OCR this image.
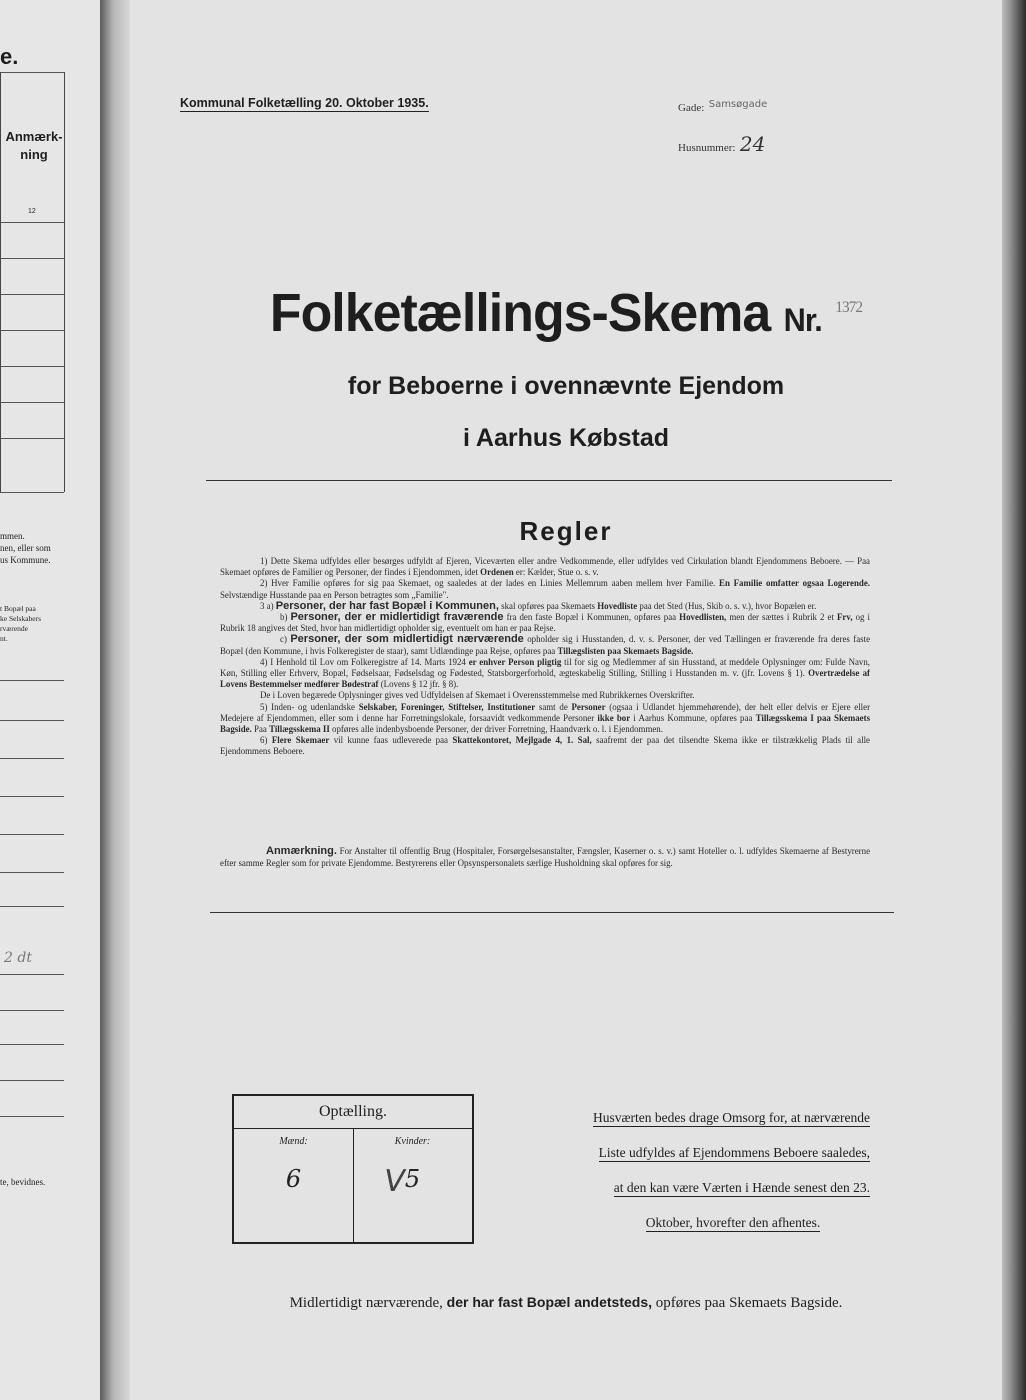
e.
Anmærk-
ning
12
mmen.
nen, eller som
us Kommune.
t Bopæl paa
ke Selskabers
rværende
nt.
2 dt
te, bevidnes.
Kommunal Folketælling 20. Oktober 1935.	Gade: $^{Samsøgade}$
Husnummer: 24
Folketællings-Skema Nr. $^{1372}$
for Beboerne i ovennævnte Ejendom
i Aarhus Købstad
Regler

1) Dette Skema udfyldes eller besørges udfyldt af Ejeren, Viceværten eller andre Vedkommende, eller udfyldes ved Cirkulation blandt Ejendommens Beboere. — Paa Skemaet opføres de Familier og Personer, der findes i Ejendommen, idet Ordenen er: Kælder, Stue o. s. v.

2) Hver Familie opføres for sig paa Skemaet, og saaledes at der lades en Linies Mellemrum aaben mellem hver Familie. En Familie omfatter ogsaa Logerende. Selvstændige Husstande paa en Person betragtes som „Familie".

3 a) Personer, der har fast Bopæl i Kommunen, skal opføres paa Skemaets Hovedliste paa det Sted (Hus, Skib o. s. v.), hvor Bopælen er.

b) Personer, der er midlertidigt fraværende fra den faste Bopæl i Kommunen, opføres paa Hovedlisten, men der sættes i Rubrik 2 et Frv, og i Rubrik 18 angives det Sted, hvor han midlertidigt opholder sig, eventuelt om han er paa Rejse.

c) Personer, der som midlertidigt nærværende opholder sig i Husstanden, d. v. s. Personer, der ved Tællingen er fraværende fra deres faste Bopæl (den Kommune, i hvis Folkeregister de staar), samt Udlændinge paa Rejse, opføres paa Tillægslisten paa Skemaets Bagside.

4) I Henhold til Lov om Folkeregistre af 14. Marts 1924 er enhver Person pligtig til for sig og Medlemmer af sin Husstand, at meddele Oplysninger om: Fulde Navn, Køn, Stilling eller Erhverv, Bopæl, Fødselsaar, Fødselsdag og Fødested, Statsborgerforhold, ægteskabelig Stilling, Stilling i Husstanden m. v. (jfr. Lovens § 1). Overtrædelse af Lovens Bestemmelser medfører Bødestraf (Lovens § 12 jfr. § 8).

De i Loven begærede Oplysninger gives ved Udfyldelsen af Skemaet i Overensstemmelse med Rubrikkernes Overskrifter.

5) Inden- og udenlandske Selskaber, Foreninger, Stiftelser, Institutioner samt de Personer (ogsaa i Udlandet hjemmehørende), der helt eller delvis er Ejere eller Medejere af Ejendommen, eller som i denne har Forretningslokale, forsaavidt vedkommende Personer ikke bor i Aarhus Kommune, opføres paa Tillægsskema I paa Skemaets Bagside. Paa Tillægsskema II opføres alle indenbysboende Personer, der driver Forretning, Haandværk o. l. i Ejendommen.

6) Flere Skemaer vil kunne faas udleverede paa Skattekontoret, Mejlgade 4, 1. Sal, saafremt der paa det tilsendte Skema ikke er tilstrækkelig Plads til alle Ejendommens Beboere.

Anmærkning. For Anstalter til offentlig Brug (Hospitaler, Forsørgelsesanstalter, Fængsler, Kaserner o. s. v.) samt Hoteller o. l. udfyldes Skemaerne af Bestyrerne efter samme Regler som for private Ejendomme. Bestyrerens eller Opsynspersonalets særlige Husholdning skal opføres for sig.
Optælling.
Mænd:
6
Kvinder:
5
V
Husværten bedes drage Omsorg for, at nærværende
Liste udfyldes af Ejendommens Beboere saaledes,
at den kan være Værten i Hænde senest den 23.
Oktober, hvorefter den afhentes.
Midlertidigt nærværende, der har fast Bopæl andetsteds, opføres paa Skemaets Bagside.
